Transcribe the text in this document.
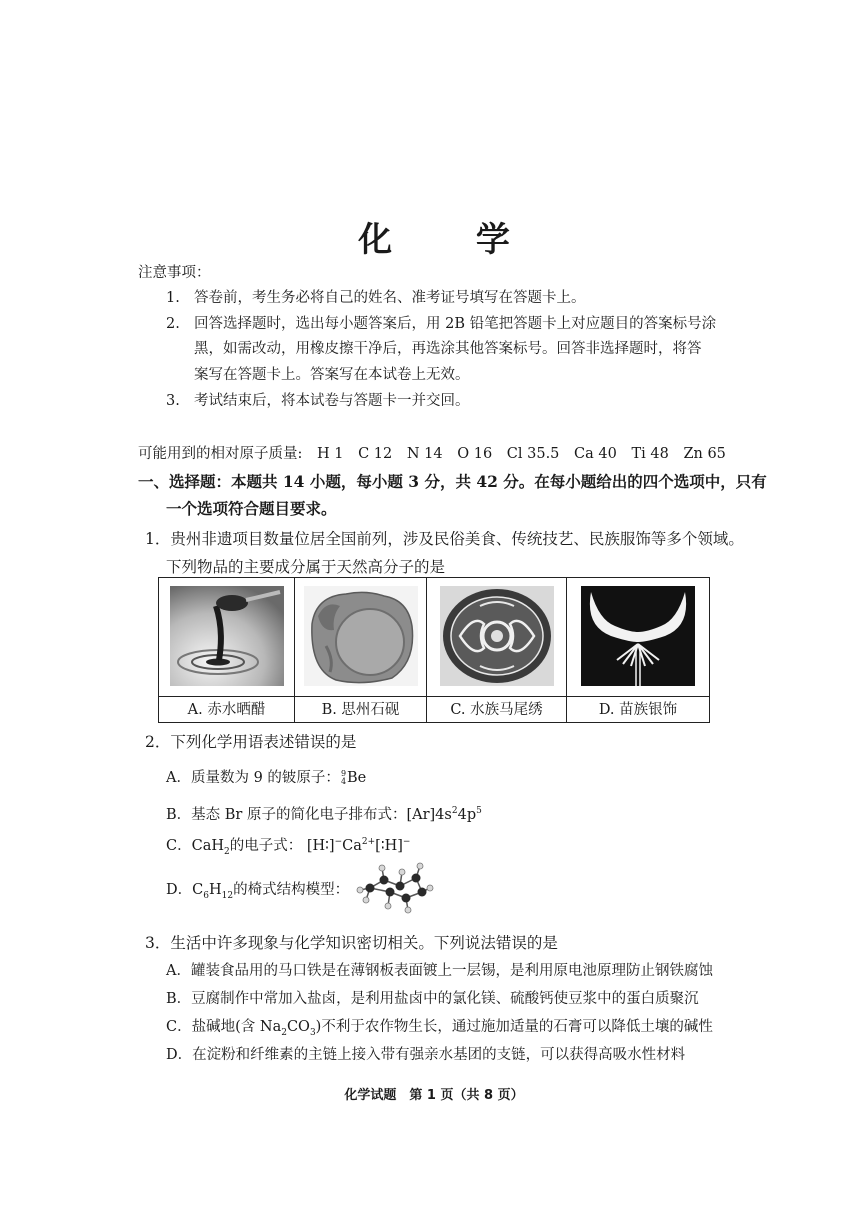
化 学
注意事项：
1. 答卷前，考生务必将自己的姓名、准考证号填写在答题卡上。
2. 回答选择题时，选出每小题答案后，用 2B 铅笔把答题卡上对应题目的答案标号涂
黑，如需改动，用橡皮擦干净后，再选涂其他答案标号。回答非选择题时，将答
案写在答题卡上。答案写在本试卷上无效。
3. 考试结束后，将本试卷与答题卡一并交回。
可能用到的相对原子质量: H 1 C 12 N 14 O 16 Cl 35.5 Ca 40 Ti 48 Zn 65
一、选择题：本题共 14 小题，每小题 3 分，共 42 分。在每小题给出的四个选项中，只有
一个选项符合题目要求。
1．贵州非遗项目数量位居全国前列，涉及民俗美食、传统技艺、民族服饰等多个领域。
下列物品的主要成分属于天然高分子的是
A. 赤水晒醋	B. 思州石砚	C. 水族马尾绣	D. 苗族银饰
2．下列化学用语表述错误的是
A．质量数为 9 的铍原子： 9
4 Be
B．基态 Br 原子的简化电子排布式：$[Ar]4s^24p^5$
C．CaH$_2$的电子式： $[H∶]^-Ca^{2+}[∶H]^-$
D．$C_6H_{12}$的椅式结构模型：
3．生活中许多现象与化学知识密切相关。下列说法错误的是
A．罐装食品用的马口铁是在薄钢板表面镀上一层锡，是利用原电池原理防止钢铁腐蚀
B．豆腐制作中常加入盐卤，是利用盐卤中的氯化镁、硫酸钙使豆浆中的蛋白质聚沉
C．盐碱地(含 $Na_2CO_3$)不利于农作物生长，通过施加适量的石膏可以降低土壤的碱性
D．在淀粉和纤维素的主链上接入带有强亲水基团的支链，可以获得高吸水性材料
化学试题　第 1 页（共 8 页）
